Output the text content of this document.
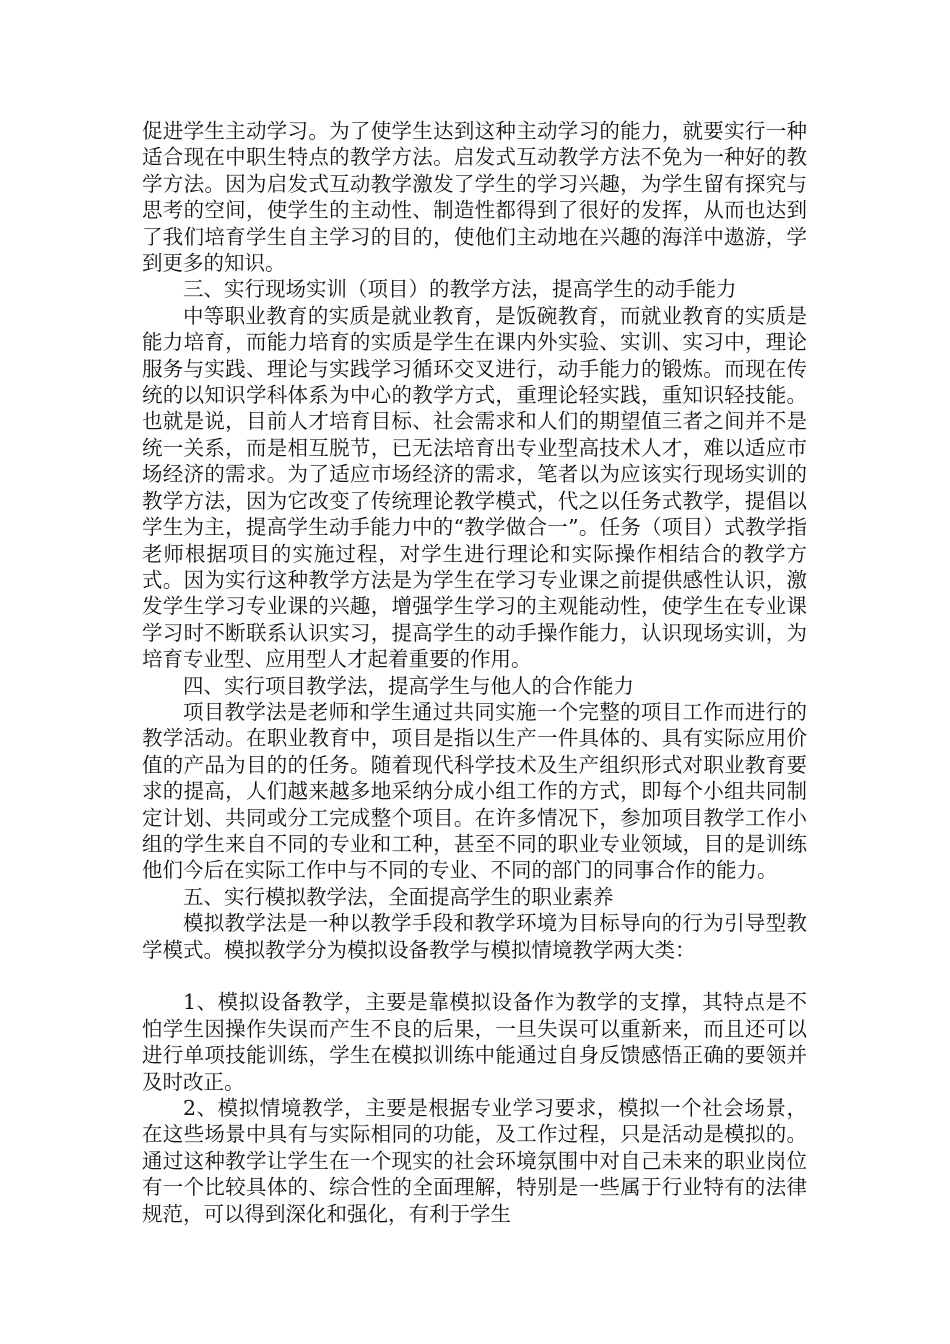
促进学生主动学习。为了使学生达到这种主动学习的能力，就要实行一种适合现在中职生特点的教学方法。启发式互动教学方法不免为一种好的教学方法。因为启发式互动教学激发了学生的学习兴趣，为学生留有探究与思考的空间，使学生的主动性、制造性都得到了很好的发挥，从而也达到了我们培育学生自主学习的目的，使他们主动地在兴趣的海洋中遨游，学到更多的知识。

三、实行现场实训（项目）的教学方法，提高学生的动手能力

中等职业教育的实质是就业教育，是饭碗教育，而就业教育的实质是能力培育，而能力培育的实质是学生在课内外实验、实训、实习中，理论服务与实践、理论与实践学习循环交叉进行，动手能力的锻炼。而现在传统的以知识学科体系为中心的教学方式，重理论轻实践，重知识轻技能。也就是说，目前人才培育目标、社会需求和人们的期望值三者之间并不是统一关系，而是相互脱节，已无法培育出专业型高技术人才，难以适应市场经济的需求。为了适应市场经济的需求，笔者以为应该实行现场实训的教学方法，因为它改变了传统理论教学模式，代之以任务式教学，提倡以学生为主，提高学生动手能力中的“教学做合一”。任务（项目）式教学指老师根据项目的实施过程，对学生进行理论和实际操作相结合的教学方式。因为实行这种教学方法是为学生在学习专业课之前提供感性认识，激发学生学习专业课的兴趣，增强学生学习的主观能动性，使学生在专业课学习时不断联系认识实习，提高学生的动手操作能力，认识现场实训，为培育专业型、应用型人才起着重要的作用。

四、实行项目教学法，提高学生与他人的合作能力

项目教学法是老师和学生通过共同实施一个完整的项目工作而进行的教学活动。在职业教育中，项目是指以生产一件具体的、具有实际应用价值的产品为目的的任务。随着现代科学技术及生产组织形式对职业教育要求的提高，人们越来越多地采纳分成小组工作的方式，即每个小组共同制定计划、共同或分工完成整个项目。在许多情况下，参加项目教学工作小组的学生来自不同的专业和工种，甚至不同的职业专业领域，目的是训练他们今后在实际工作中与不同的专业、不同的部门的同事合作的能力。

五、实行模拟教学法，全面提高学生的职业素养

模拟教学法是一种以教学手段和教学环境为目标导向的行为引导型教学模式。模拟教学分为模拟设备教学与模拟情境教学两大类：

1、模拟设备教学，主要是靠模拟设备作为教学的支撑，其特点是不怕学生因操作失误而产生不良的后果，一旦失误可以重新来，而且还可以进行单项技能训练，学生在模拟训练中能通过自身反馈感悟正确的要领并及时改正。

2、模拟情境教学，主要是根据专业学习要求，模拟一个社会场景，在这些场景中具有与实际相同的功能，及工作过程，只是活动是模拟的。通过这种教学让学生在一个现实的社会环境氛围中对自己未来的职业岗位有一个比较具体的、综合性的全面理解，特别是一些属于行业特有的法律规范，可以得到深化和强化，有利于学生
